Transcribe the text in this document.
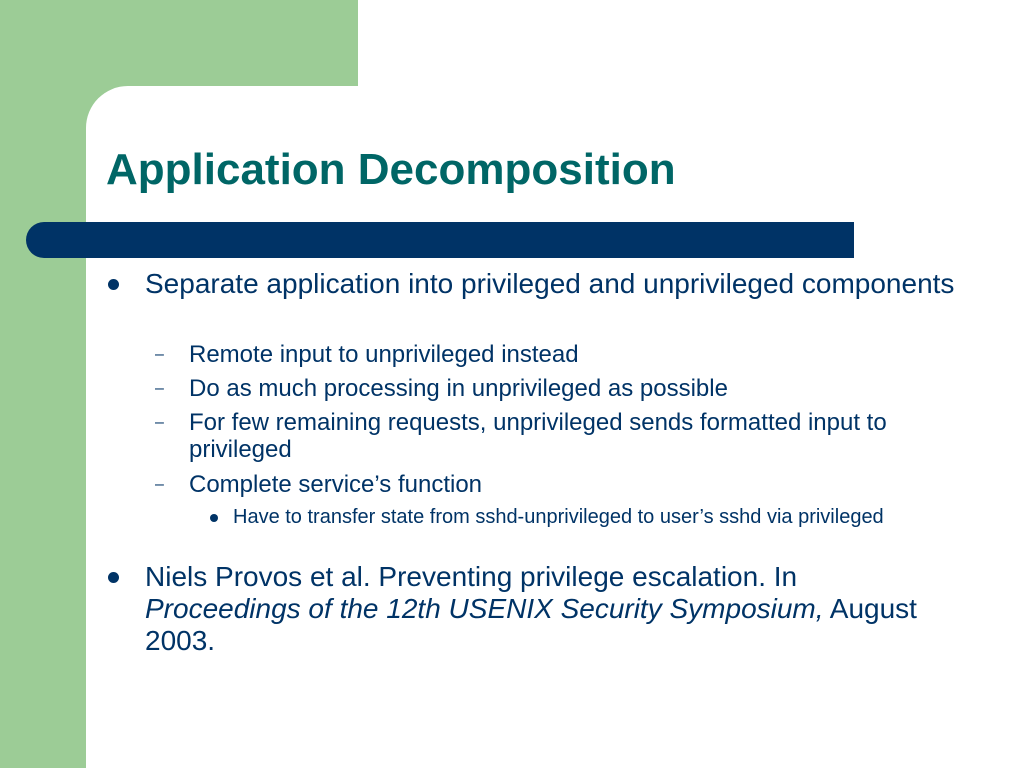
Application Decomposition
Separate application into privileged and unprivileged components
– Remote input to unprivileged instead
– Do as much processing in unprivileged as possible
– For few remaining requests, unprivileged sends formatted input to privileged
– Complete service’s function
Have to transfer state from sshd-unprivileged to user’s sshd via privileged
Niels Provos et al. Preventing privilege escalation. In Proceedings of the 12th USENIX Security Symposium, August 2003.
